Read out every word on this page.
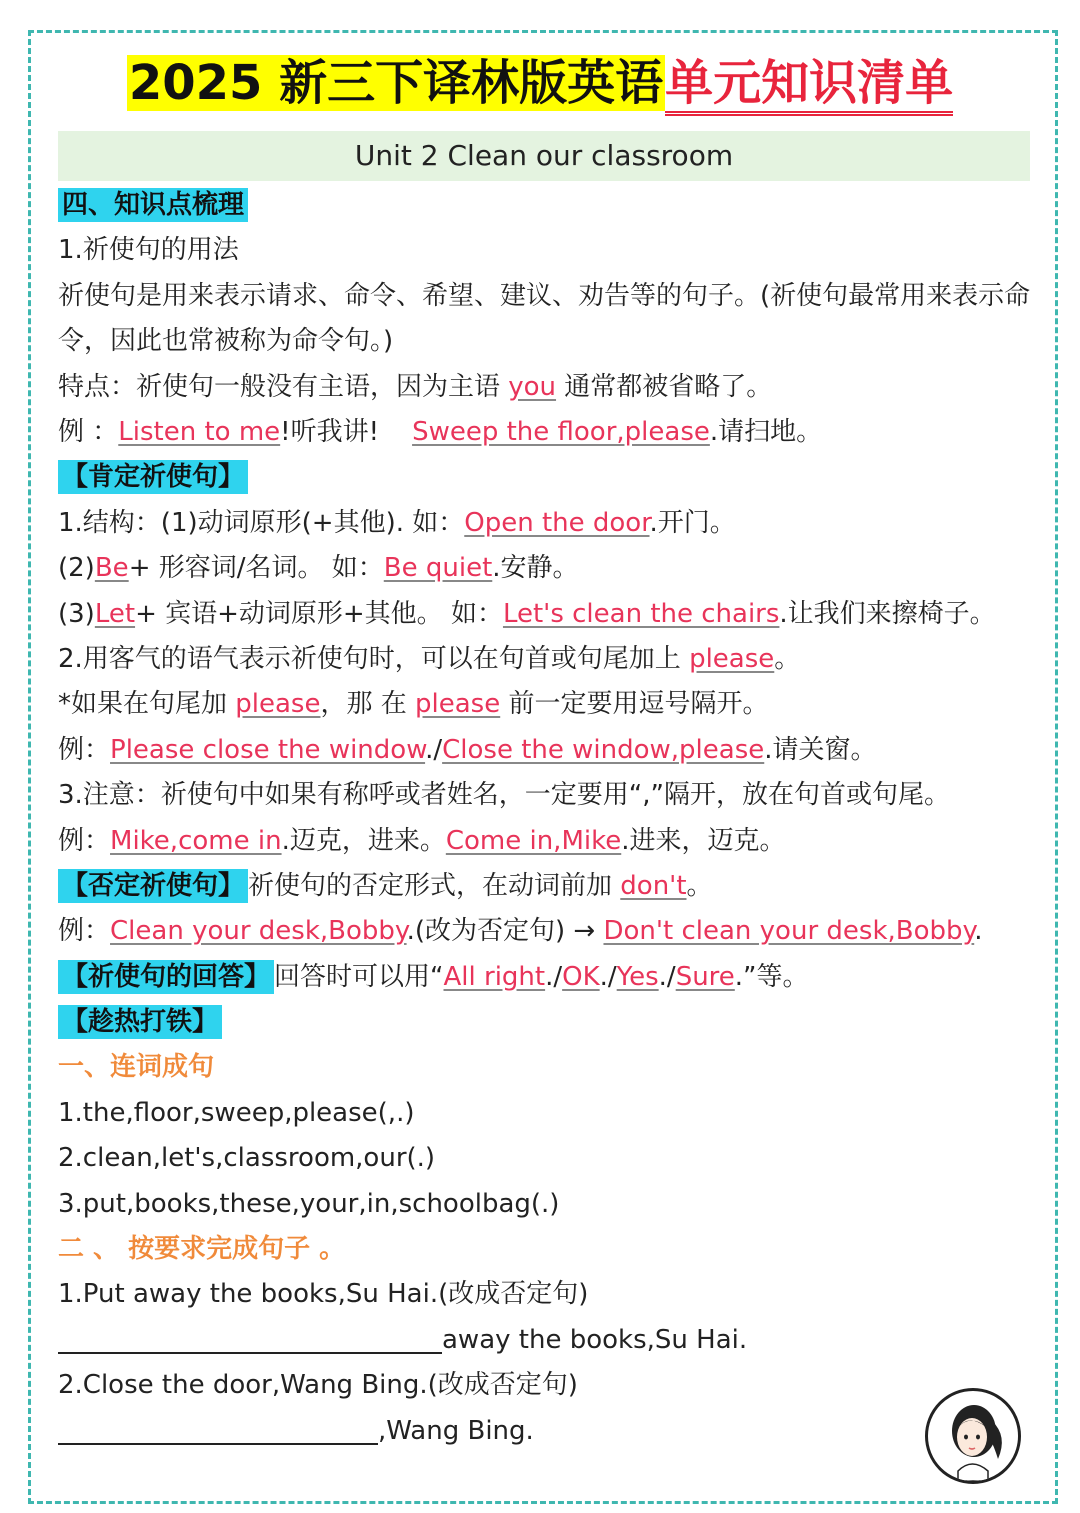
2025 新三下译林版英语单元知识清单
Unit 2 Clean our classroom
四、知识点梳理
1.祈使句的用法
祈使句是用来表示请求、命令、希望、建议、劝告等的句子。(祈使句最常用来表示命令，因此也常被称为命令句。)
特点：祈使句一般没有主语，因为主语 you 通常都被省略了。
例 ：Listen to me!听我讲!    Sweep the floor,please.请扫地。
【肯定祈使句】
1.结构：(1)动词原形(+其他). 如：Open the door.开门。
(2)Be+ 形容词/名词。 如：Be quiet.安静。
(3)Let+ 宾语+动词原形+其他。 如：Let's clean the chairs.让我们来擦椅子。
2.用客气的语气表示祈使句时，可以在句首或句尾加上 please。
*如果在句尾加 please，那 在 please 前一定要用逗号隔开。
例：Please close the window./Close the window,please.请关窗。
3.注意：祈使句中如果有称呼或者姓名，一定要用“,”隔开，放在句首或句尾。
例：Mike,come in.迈克，进来。Come in,Mike.进来，迈克。
【否定祈使句】 祈使句的否定形式，在动词前加 don't。
例：Clean your desk,Bobby.(改为否定句) → Don't clean your desk,Bobby.
【祈使句的回答】 回答时可以用“All right./OK./Yes./Sure.”等。
【趁热打铁】
一、连词成句
1.the,floor,sweep,please(,.)
2.clean,let's,classroom,our(.)
3.put,books,these,your,in,schoolbag(.)
二 、 按要求完成句子 。
1.Put away the books,Su Hai.(改成否定句)
away the books,Su Hai.
2.Close the door,Wang Bing.(改成否定句)
,Wang Bing.
